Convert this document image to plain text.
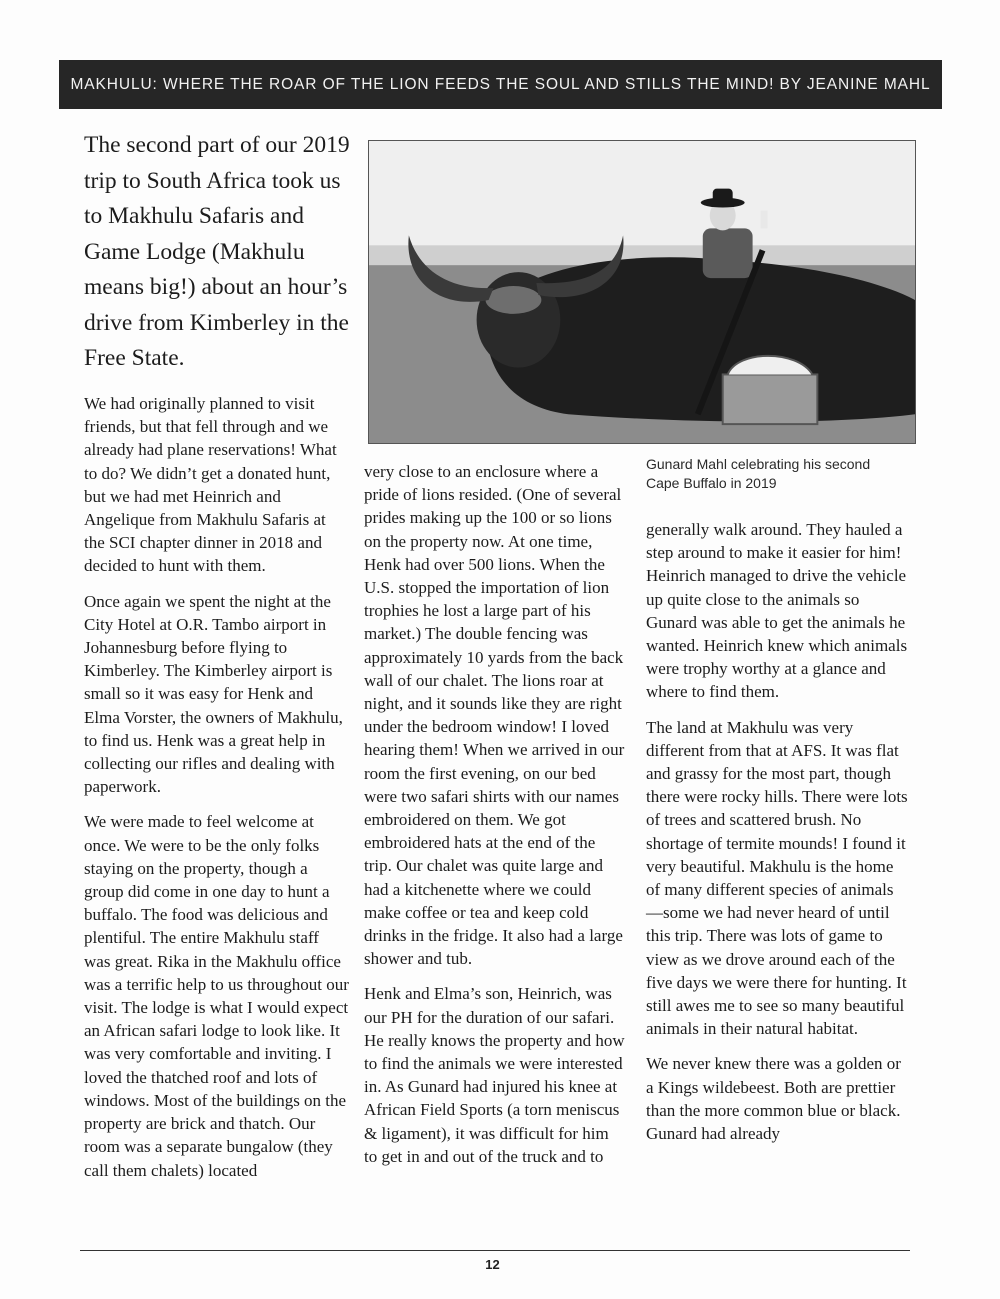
MAKHULU: WHERE THE ROAR OF THE LION FEEDS THE SOUL AND STILLS THE MIND! BY JEANINE MAHL

The second part of our 2019 trip to South Africa took us to Makhulu Safaris and Game Lodge (Makhulu means big!) about an hour’s drive from Kimberley in the Free State.

Gunard Mahl celebrating his second Cape Buffalo in 2019

We had originally planned to visit friends, but that fell through and we already had plane reservations! What to do? We didn’t get a donated hunt, but we had met Heinrich and Angelique from Makhulu Safaris at the SCI chapter dinner in 2018 and decided to hunt with them.

Once again we spent the night at the City Hotel at O.R. Tambo airport in Johannesburg before flying to Kimberley. The Kimberley airport is small so it was easy for Henk and Elma Vorster, the owners of Makhulu, to find us. Henk was a great help in collecting our rifles and dealing with paperwork.

We were made to feel welcome at once. We were to be the only folks staying on the property, though a group did come in one day to hunt a buffalo. The food was delicious and plentiful. The entire Makhulu staff was great. Rika in the Makhulu office was a terrific help to us throughout our visit. The lodge is what I would expect an African safari lodge to look like. It was very comfortable and inviting. I loved the thatched roof and lots of windows. Most of the buildings on the property are brick and thatch. Our room was a separate bungalow (they call them chalets) located

very close to an enclosure where a pride of lions resided. (One of several prides making up the 100 or so lions on the property now. At one time, Henk had over 500 lions. When the U.S. stopped the importation of lion trophies he lost a large part of his market.) The double fencing was approximately 10 yards from the back wall of our chalet. The lions roar at night, and it sounds like they are right under the bedroom window! I loved hearing them! When we arrived in our room the first evening, on our bed were two safari shirts with our names embroidered on them. We got embroidered hats at the end of the trip. Our chalet was quite large and had a kitchenette where we could make coffee or tea and keep cold drinks in the fridge. It also had a large shower and tub.

Henk and Elma’s son, Heinrich, was our PH for the duration of our safari. He really knows the property and how to find the animals we were interested in. As Gunard had injured his knee at African Field Sports (a torn meniscus & ligament), it was difficult for him to get in and out of the truck and to

generally walk around. They hauled a step around to make it easier for him! Heinrich managed to drive the vehicle up quite close to the animals so Gunard was able to get the animals he wanted. Heinrich knew which animals were trophy worthy at a glance and where to find them.

The land at Makhulu was very different from that at AFS. It was flat and grassy for the most part, though there were rocky hills. There were lots of trees and scattered brush. No shortage of termite mounds! I found it very beautiful. Makhulu is the home of many different species of animals—some we had never heard of until this trip. There was lots of game to view as we drove around each of the five days we were there for hunting. It still awes me to see so many beautiful animals in their natural habitat.

We never knew there was a golden or a Kings wildebeest. Both are prettier than the more common blue or black. Gunard had already

12
